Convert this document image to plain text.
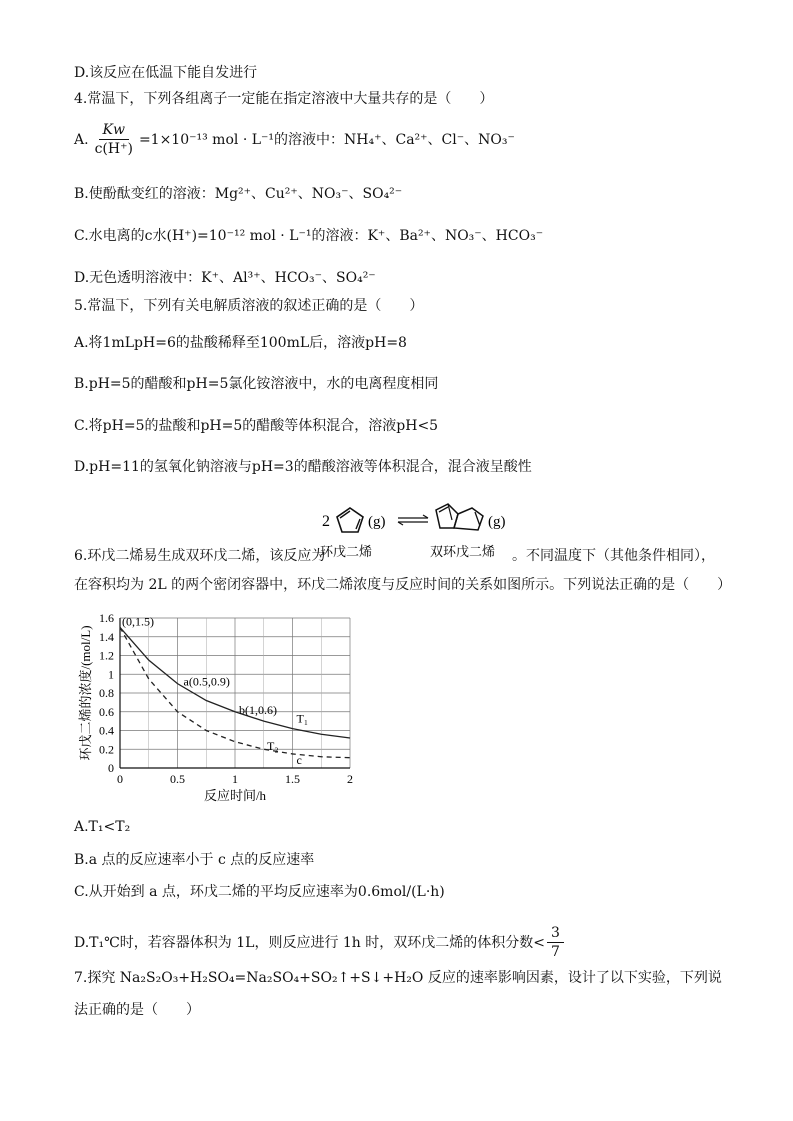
D.该反应在低温下能自发进行
4.常温下，下列各组离子一定能在指定溶液中大量共存的是（　　）
A. $\frac{Kw}{c(H^+)} =1\times 10^{-13}$ mol · L⁻¹的溶液中：NH₄⁺、Ca²⁺、Cl⁻、NO₃⁻
B.使酚酞变红的溶液：Mg²⁺、Cu²⁺、NO₃⁻、SO₄²⁻
C.水电离的c水(H⁺)=10⁻¹² mol · L⁻¹的溶液：K⁺、Ba²⁺、NO₃⁻、HCO₃⁻
D.无色透明溶液中：K⁺、Al³⁺、HCO₃⁻、SO₄²⁻
5.常温下，下列有关电解质溶液的叙述正确的是（　　）
A.将1mLpH=6的盐酸稀释至100mL后，溶液pH=8
B.pH=5的醋酸和pH=5氯化铵溶液中，水的电离程度相同
C.将pH=5的盐酸和pH=5的醋酸等体积混合，溶液pH<5
D.pH=11的氢氧化钠溶液与pH=3的醋酸溶液等体积混合，混合液呈酸性
2	(g)	(g)
环戊二烯	双环戊二烯
6.环戊二烯易生成双环戊二烯，该反应为	。不同温度下（其他条件相同），
在容积均为 2L 的两个密闭容器中，环戊二烯浓度与反应时间的关系如图所示。下列说法正确的是（　　）
0
0.2
0.4
0.6
0.8
1
1.2
1.4
1.6
0	0.5	1	1.5	2
反应时间/h
环戊二烯的浓度/(mol/L)
(0,1.5)
a(0.5,0.9)
b(1,0.6)
T₁
T₂
c
A.T₁<T₂
B.a 点的反应速率小于 c 点的反应速率
C.从开始到 a 点，环戊二烯的平均反应速率为0.6mol/(L·h)
D.T₁℃时，若容器体积为 1L，则反应进行 1h 时，双环戊二烯的体积分数< $\frac{3}{7}$
7.探究 Na₂S₂O₃+H₂SO₄=Na₂SO₄+SO₂↑+S↓+H₂O 反应的速率影响因素，设计了以下实验，下列说
法正确的是（　　）
